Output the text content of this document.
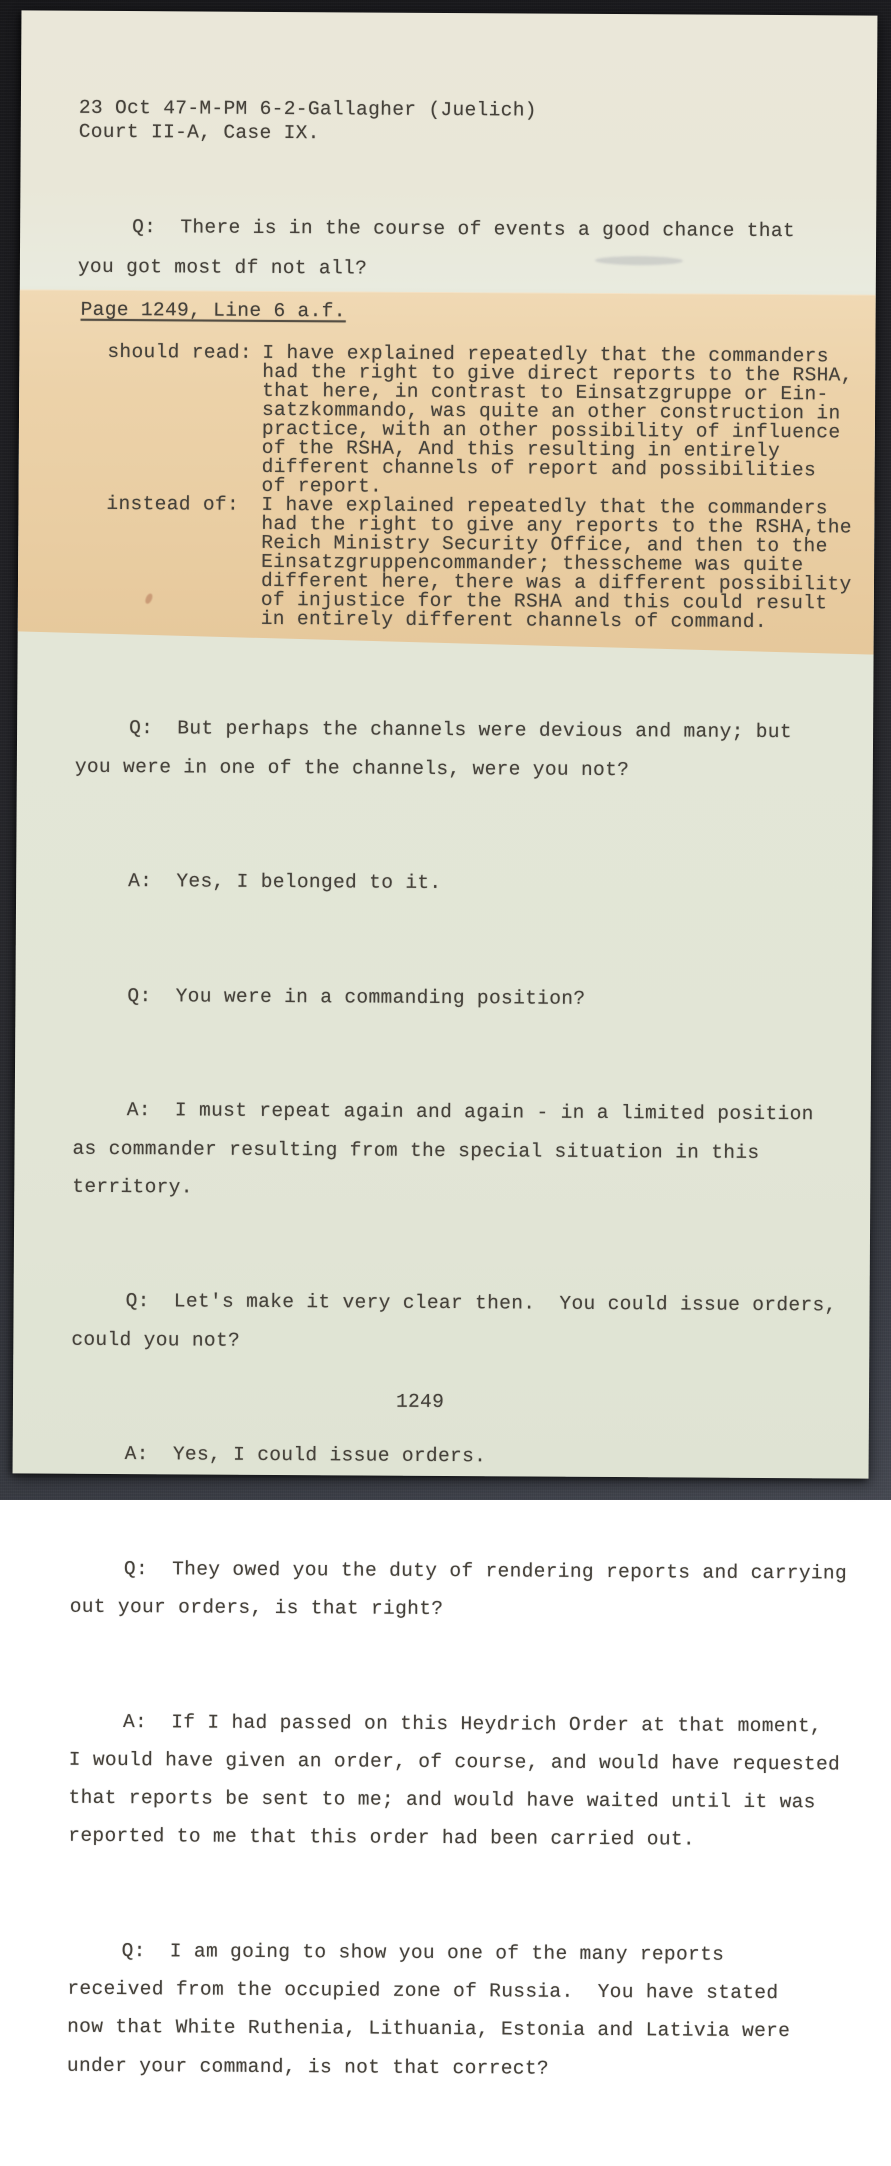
23 Oct 47-M-PM 6-2-Gallagher (Juelich)
Court II-A, Case IX.
Q:  There is in the course of events a good chance that
you got most df not all?
Page 1249, Line 6 a.f.
should read: I have explained repeatedly that the commanders
had the right to give direct reports to the RSHA,
that here, in contrast to Einsatzgruppe or Ein-
satzkommando, was quite an other construction in
practice, with an other possibility of influence
of the RSHA, And this resulting in entirely
different channels of report and possibilities
of report.
instead of: I have explained repeatedly that the commanders
had the right to give any reports to the RSHA,the
Reich Ministry Security Office, and then to the
Einsatzgruppencommander; thesscheme was quite
different here, there was a different possibility
of injustice for the RSHA and this could result
in entirely different channels of command.

Q:  But perhaps the channels were devious and many; but
you were in one of the channels, were you not?

A:  Yes, I belonged to it.

Q:  You were in a commanding position?

A:  I must repeat again and again - in a limited position
as commander resulting from the special situation in this
territory.

Q:  Let's make it very clear then.  You could issue orders,
could you not?

A:  Yes, I could issue orders.

Q:  They owed you the duty of rendering reports and carrying
out your orders, is that right?

A:  If I had passed on this Heydrich Order at that moment,
I would have given an order, of course, and would have requested
that reports be sent to me; and would have waited until it was
reported to me that this order had been carried out.

Q:  I am going to show you one of the many reports
received from the occupied zone of Russia.  You have stated
now that White Ruthenia, Lithuania, Estonia and Lativia were
under your command, is not that correct?

1249
